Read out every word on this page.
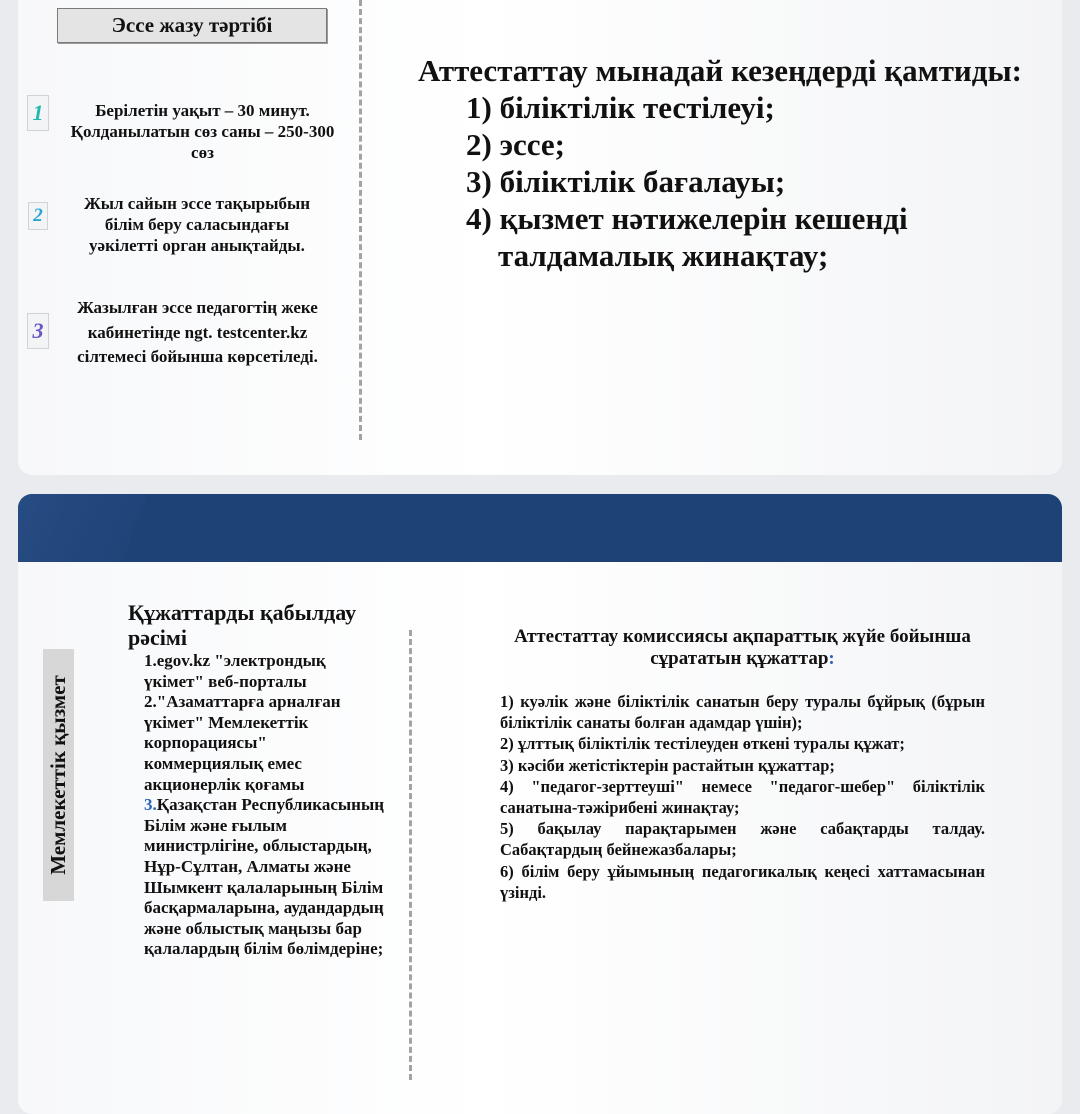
Эссе жазу тәртібі
1	Берілетін уақыт – 30 минут. Қолданылатын сөз саны – 250-300 сөз
2
Жыл сайын эссе тақырыбын білім беру саласындағы уәкілетті орган анықтайды.
3
Жазылған эссе педагогтің жеке кабинетінде ngt. testcenter.kz сілтемесі бойынша көрсетіледі.
Аттестаттау мынадай кезеңдерді қамтиды:
1) біліктілік тестілеуі;
2) эссе;
3) біліктілік бағалауы;
4) қызмет нәтижелерін кешенді
талдамалық жинақтау;
Мемлекеттік қызмет
Құжаттарды қабылдау рәсімі
1.egov.kz "электрондық үкімет" веб-порталы
2."Азаматтарға арналған үкімет" Мемлекеттік корпорациясы" коммерциялық емес акционерлік қоғамы
3.Қазақстан Республикасының Білім және ғылым министрлігіне, облыстардың, Нұр-Сұлтан, Алматы және Шымкент қалаларының Білім басқармаларына, аудандардың және облыстық маңызы бар қалалардың білім бөлімдеріне;
Аттестаттау комиссиясы ақпараттық жүйе бойынша сұрататын құжаттар:
1) куәлік және біліктілік санатын беру туралы бұйрық (бұрын біліктілік санаты болған адамдар үшін);
2) ұлттық біліктілік тестілеуден өткені туралы құжат;
3) кәсіби жетістіктерін растайтын құжаттар;
4) "педагог-зерттеуші" немесе "педагог-шебер" біліктілік санатына-тәжірибені жинақтау;
5) бақылау парақтарымен және сабақтарды талдау. Сабақтардың бейнежазбалары;
6) білім беру ұйымының педагогикалық кеңесі хаттамасынан үзінді.
